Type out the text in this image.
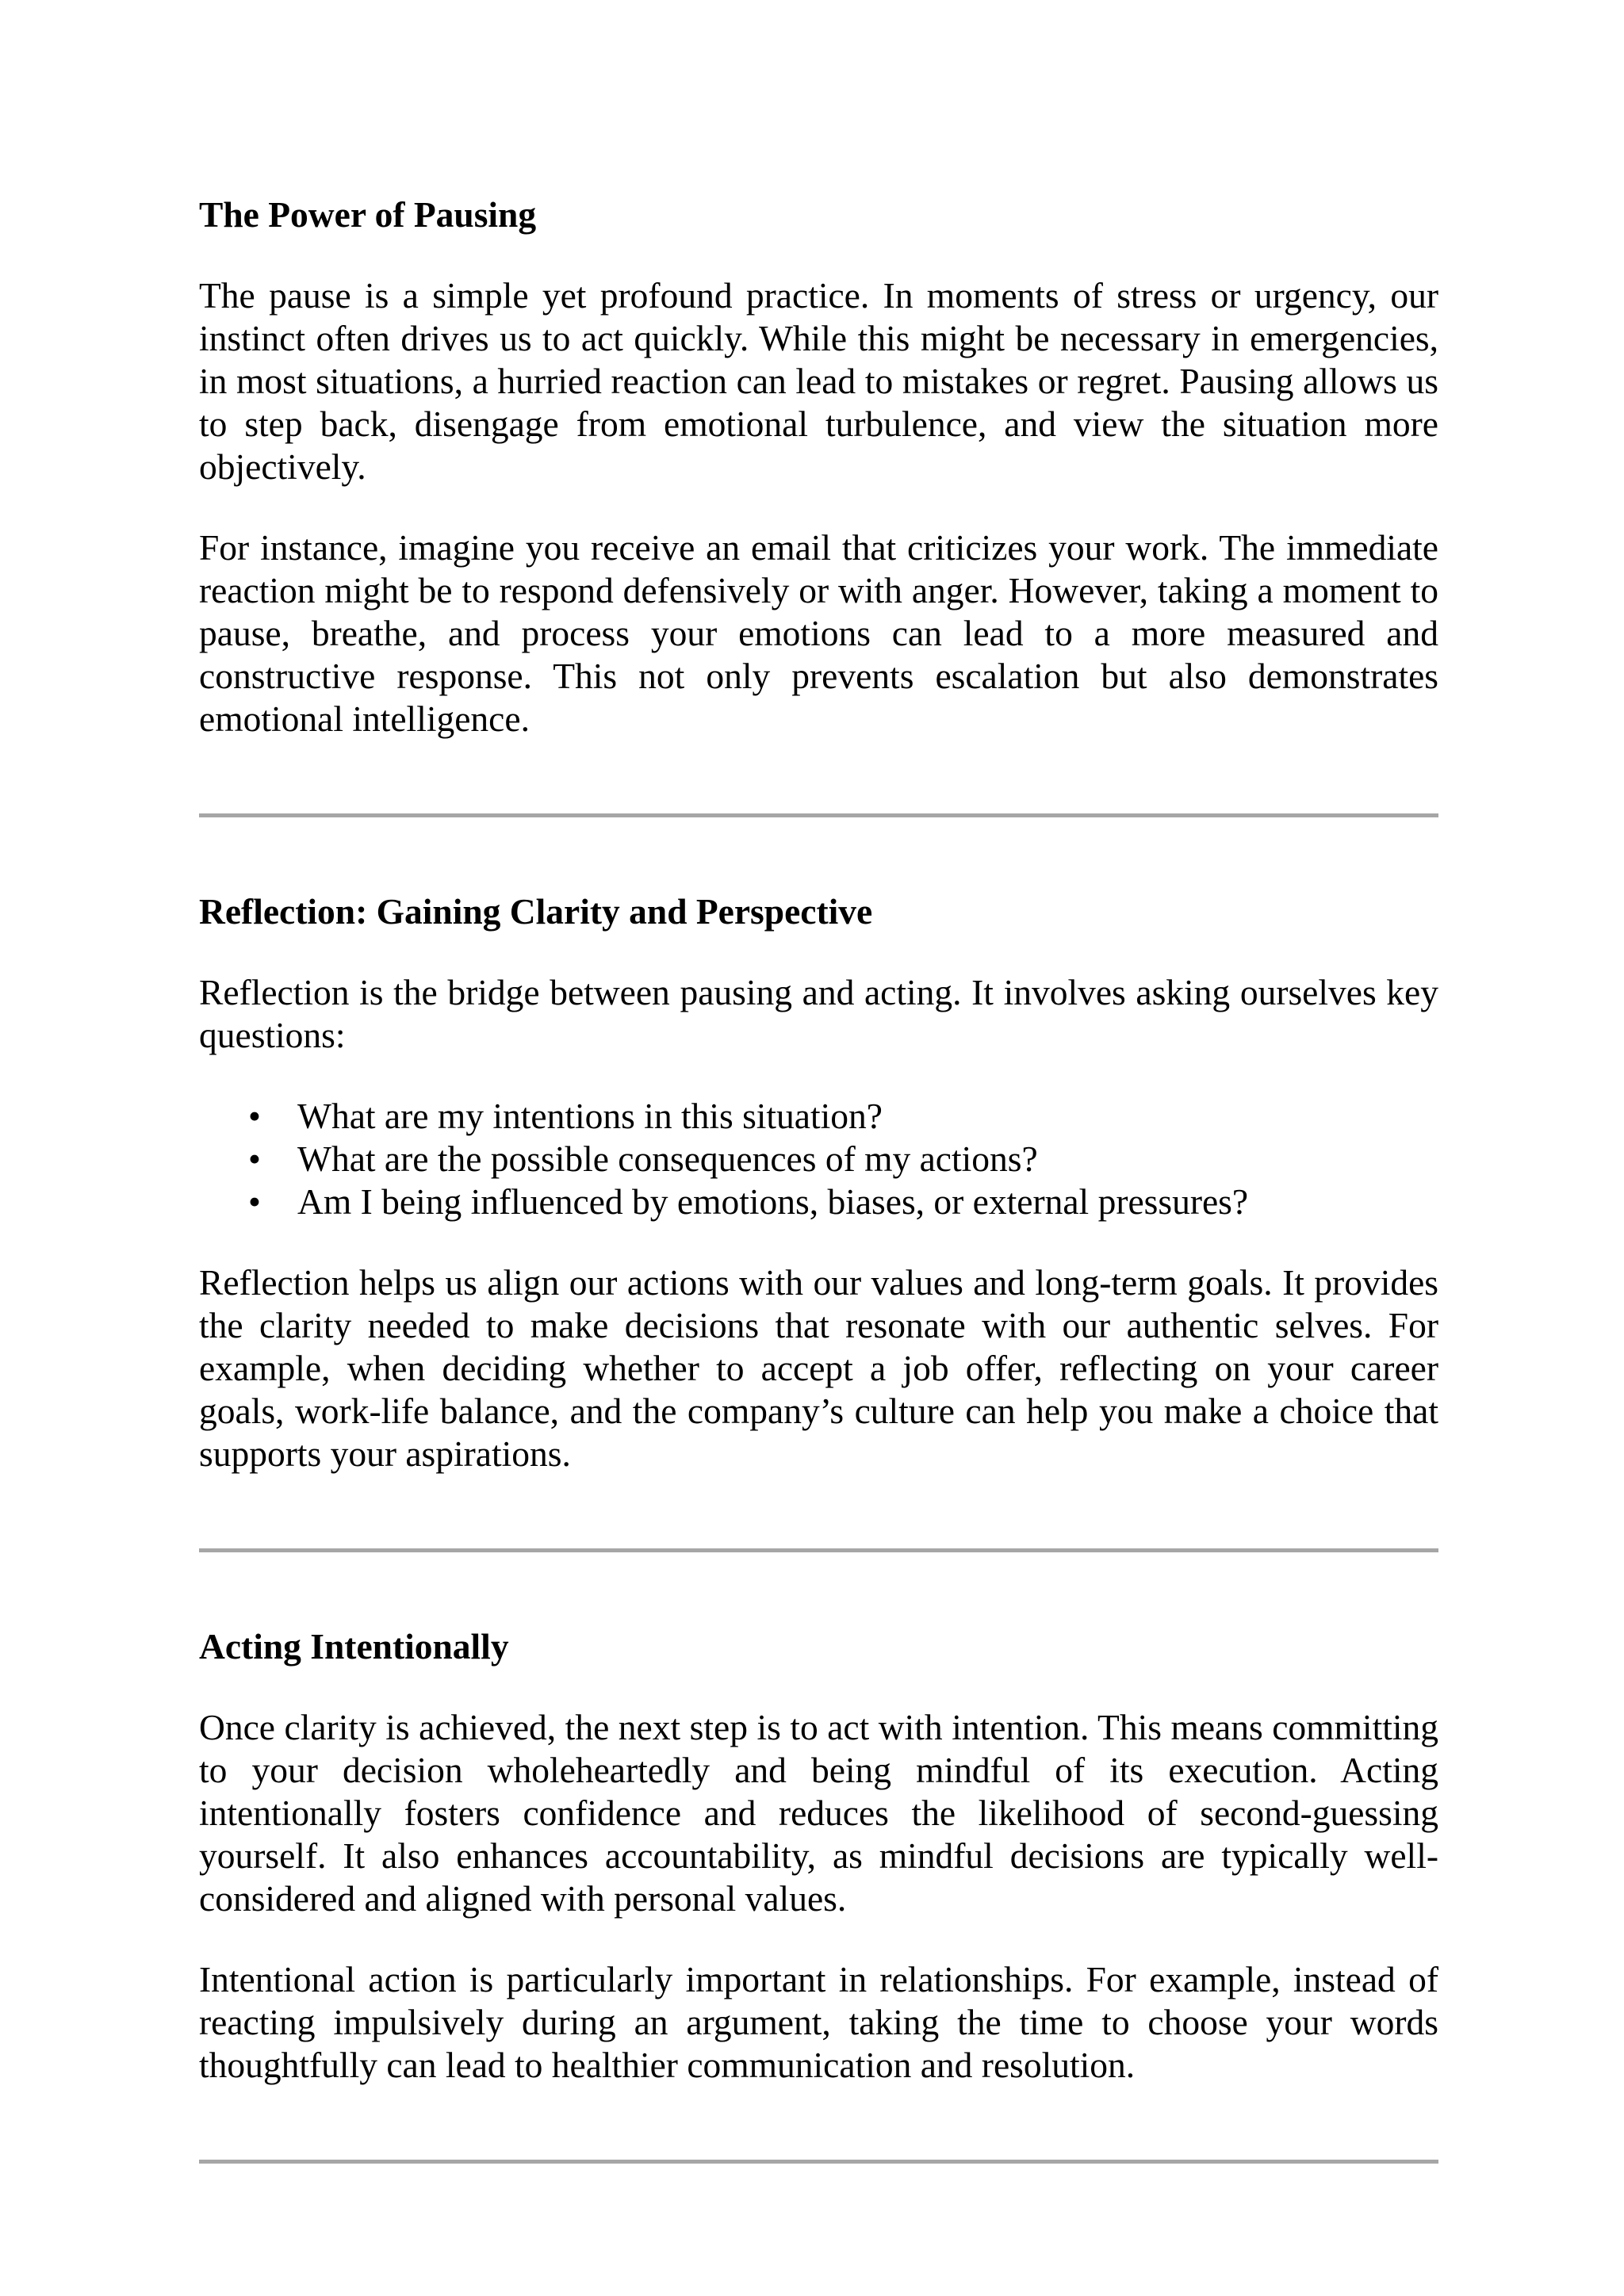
The Power of Pausing

The pause is a simple yet profound practice. In moments of stress or urgency, our instinct often drives us to act quickly. While this might be necessary in emergencies, in most situations, a hurried reaction can lead to mistakes or regret. Pausing allows us to step back, disengage from emotional turbulence, and view the situation more objectively.

For instance, imagine you receive an email that criticizes your work. The immediate reaction might be to respond defensively or with anger. However, taking a moment to pause, breathe, and process your emotions can lead to a more measured and constructive response. This not only prevents escalation but also demonstrates emotional intelligence.

Reflection: Gaining Clarity and Perspective

Reflection is the bridge between pausing and acting. It involves asking ourselves key questions:

•	What are my intentions in this situation?
•	What are the possible consequences of my actions?
•	Am I being influenced by emotions, biases, or external pressures?

Reflection helps us align our actions with our values and long-term goals. It provides the clarity needed to make decisions that resonate with our authentic selves. For example, when deciding whether to accept a job offer, reflecting on your career goals, work-life balance, and the company’s culture can help you make a choice that supports your aspirations.

Acting Intentionally

Once clarity is achieved, the next step is to act with intention. This means committing to your decision wholeheartedly and being mindful of its execution. Acting intentionally fosters confidence and reduces the likelihood of second-guessing yourself. It also enhances accountability, as mindful decisions are typically well-considered and aligned with personal values.

Intentional action is particularly important in relationships. For example, instead of reacting impulsively during an argument, taking the time to choose your words thoughtfully can lead to healthier communication and resolution.
